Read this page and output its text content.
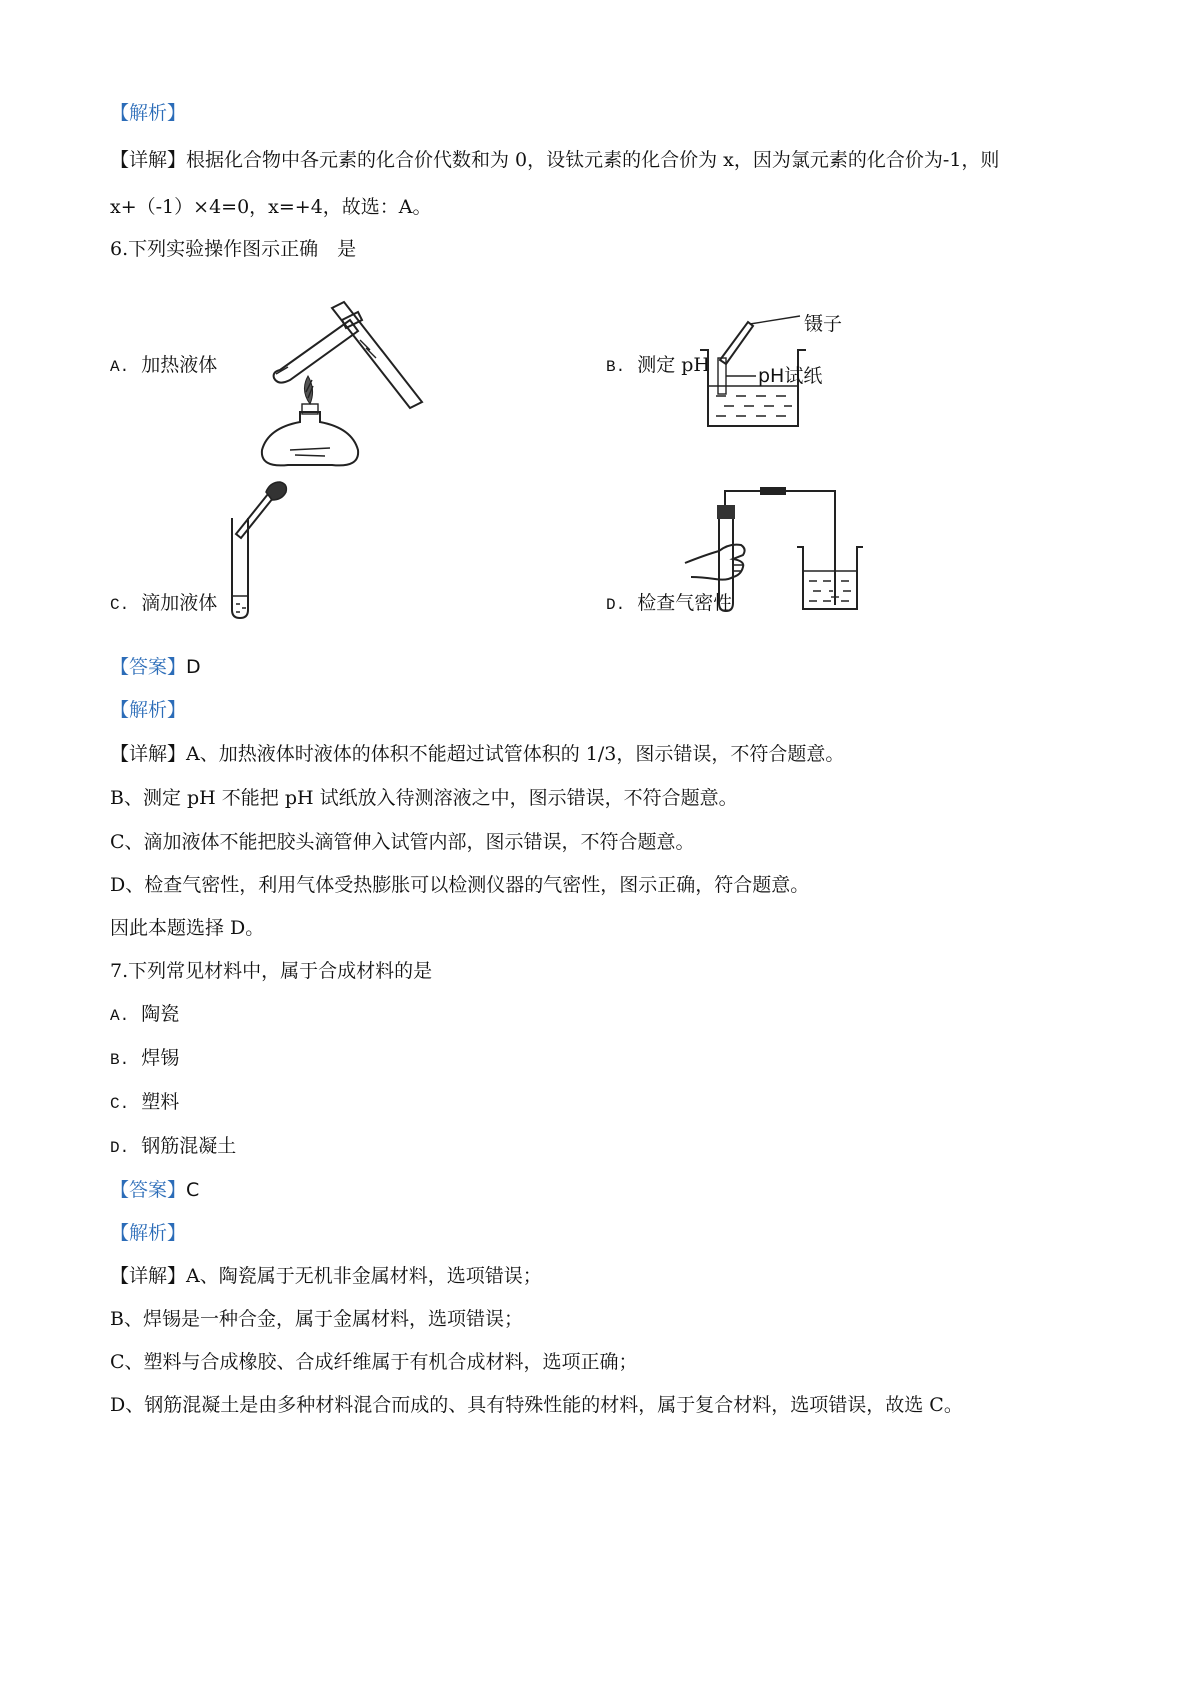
【解析】
【详解】根据化合物中各元素的化合价代数和为 0，设钛元素的化合价为 x，因为氯元素的化合价为-1，则
x+（-1）×4=0，x=+4，故选：A。
6.下列实验操作图示正确　是
A. 加热液体	B. 测定 pH
C. 滴加液体	D. 检查气密性
镊子
pH试纸
【答案】D
【解析】
【详解】A、加热液体时液体的体积不能超过试管体积的 1/3，图示错误，不符合题意。
B、测定 pH 不能把 pH 试纸放入待测溶液之中，图示错误，不符合题意。
C、滴加液体不能把胶头滴管伸入试管内部，图示错误，不符合题意。
D、检查气密性，利用气体受热膨胀可以检测仪器的气密性，图示正确，符合题意。
因此本题选择 D。
7.下列常见材料中，属于合成材料的是
A. 陶瓷
B. 焊锡
C. 塑料
D. 钢筋混凝土
【答案】C
【解析】
【详解】A、陶瓷属于无机非金属材料，选项错误；
B、焊锡是一种合金，属于金属材料，选项错误；
C、塑料与合成橡胶、合成纤维属于有机合成材料，选项正确；
D、钢筋混凝土是由多种材料混合而成的、具有特殊性能的材料，属于复合材料，选项错误，故选 C。
